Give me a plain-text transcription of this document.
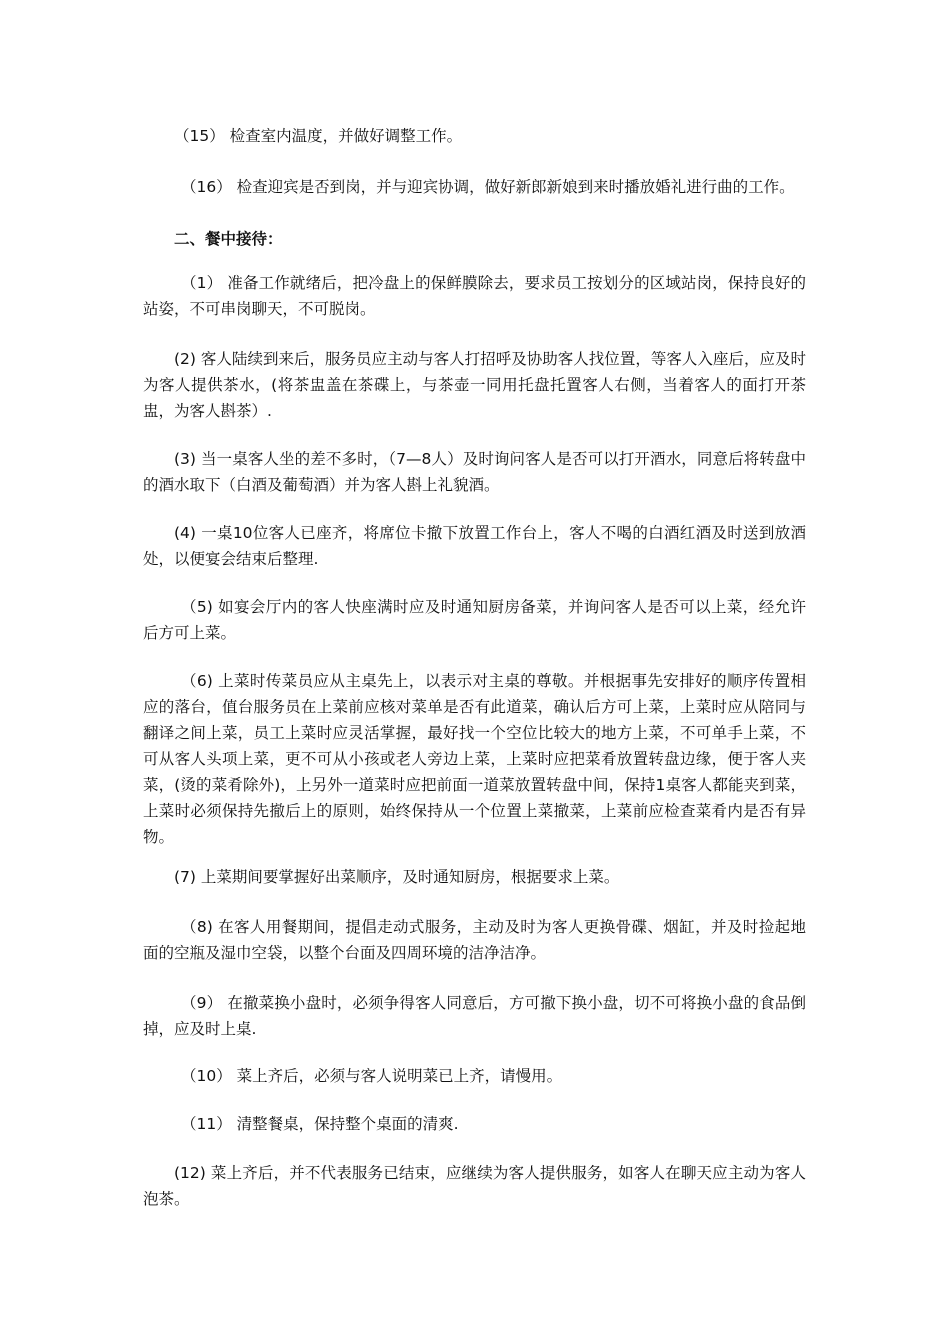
（15） 检查室内温度，并做好调整工作。

（16） 检查迎宾是否到岗，并与迎宾协调，做好新郎新娘到来时播放婚礼进行曲的工作。

二、餐中接待：

（1） 准备工作就绪后，把冷盘上的保鲜膜除去，要求员工按划分的区域站岗，保持良好的站姿，不可串岗聊天，不可脱岗。

(2) 客人陆续到来后，服务员应主动与客人打招呼及协助客人找位置，等客人入座后，应及时为客人提供茶水，(将茶盅盖在茶碟上，与茶壶一同用托盘托置客人右侧，当着客人的面打开茶盅，为客人斟茶）.

(3) 当一桌客人坐的差不多时，（7—8人）及时询问客人是否可以打开酒水，同意后将转盘中的酒水取下（白酒及葡萄酒）并为客人斟上礼貌酒。

(4) 一桌10位客人已座齐，将席位卡撤下放置工作台上，客人不喝的白酒红酒及时送到放酒处，以便宴会结束后整理.

（5) 如宴会厅内的客人快座满时应及时通知厨房备菜，并询问客人是否可以上菜，经允许后方可上菜。

（6) 上菜时传菜员应从主桌先上，以表示对主桌的尊敬。并根据事先安排好的顺序传置相应的落台，值台服务员在上菜前应核对菜单是否有此道菜，确认后方可上菜，上菜时应从陪同与翻译之间上菜，员工上菜时应灵活掌握，最好找一个空位比较大的地方上菜，不可单手上菜，不可从客人头项上菜，更不可从小孩或老人旁边上菜，上菜时应把菜肴放置转盘边缘，便于客人夹菜，(烫的菜肴除外)，上另外一道菜时应把前面一道菜放置转盘中间，保持1桌客人都能夹到菜，上菜时必须保持先撤后上的原则，始终保持从一个位置上菜撤菜，上菜前应检查菜肴内是否有异物。

(7) 上菜期间要掌握好出菜顺序，及时通知厨房，根据要求上菜。

（8) 在客人用餐期间，提倡走动式服务，主动及时为客人更换骨碟、烟缸，并及时捡起地面的空瓶及湿巾空袋，以整个台面及四周环境的洁净洁净。

（9） 在撤菜换小盘时，必须争得客人同意后，方可撤下换小盘，切不可将换小盘的食品倒掉，应及时上桌.

（10） 菜上齐后，必须与客人说明菜已上齐，请慢用。

（11） 清整餐桌，保持整个桌面的清爽.

(12) 菜上齐后，并不代表服务已结束，应继续为客人提供服务，如客人在聊天应主动为客人泡茶。
